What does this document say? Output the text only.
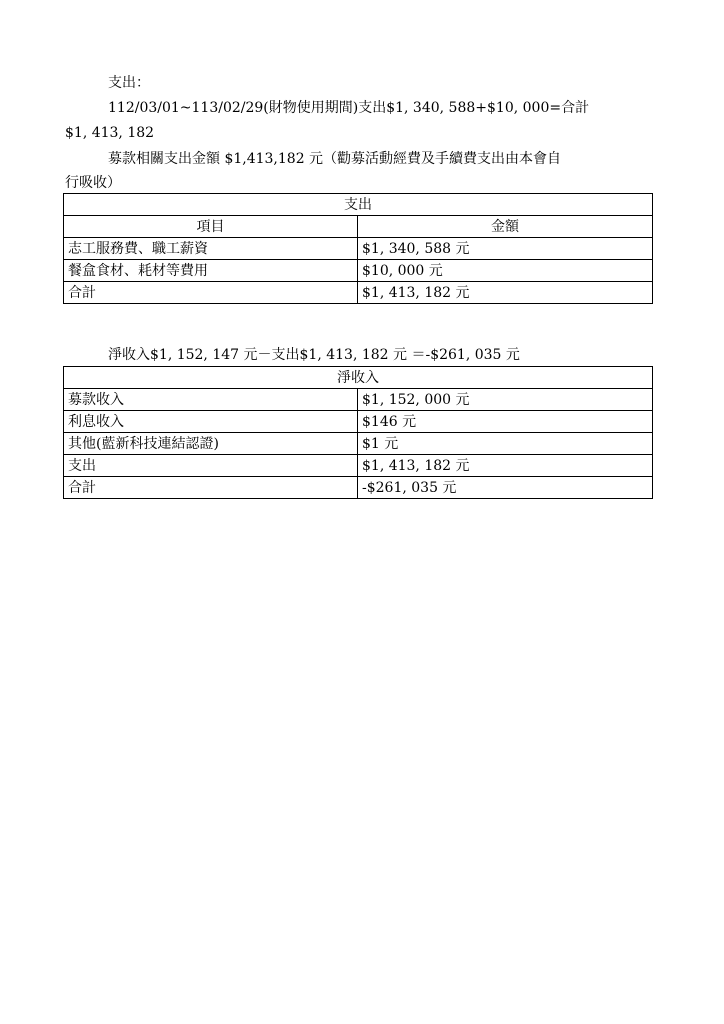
支出：
112/03/01~113/02/29(財物使用期間)支出$1, 340, 588+$10, 000=合計
$1, 413, 182
募款相關支出金額 $1,413,182 元（勸募活動經費及手續費支出由本會自
行吸收）
支出	
項目	金額
志工服務費、職工薪資	$1, 340, 588 元
餐盒食材、耗材等費用	$10, 000 元
合計	$1, 413, 182 元
淨收入$1, 152, 147 元－支出$1, 413, 182 元 ＝-$261, 035 元
淨收入	
募款收入	$1, 152, 000 元
利息收入	$146 元
其他(藍新科技連結認證)	$1 元
支出	$1, 413, 182 元
合計	-$261, 035 元
